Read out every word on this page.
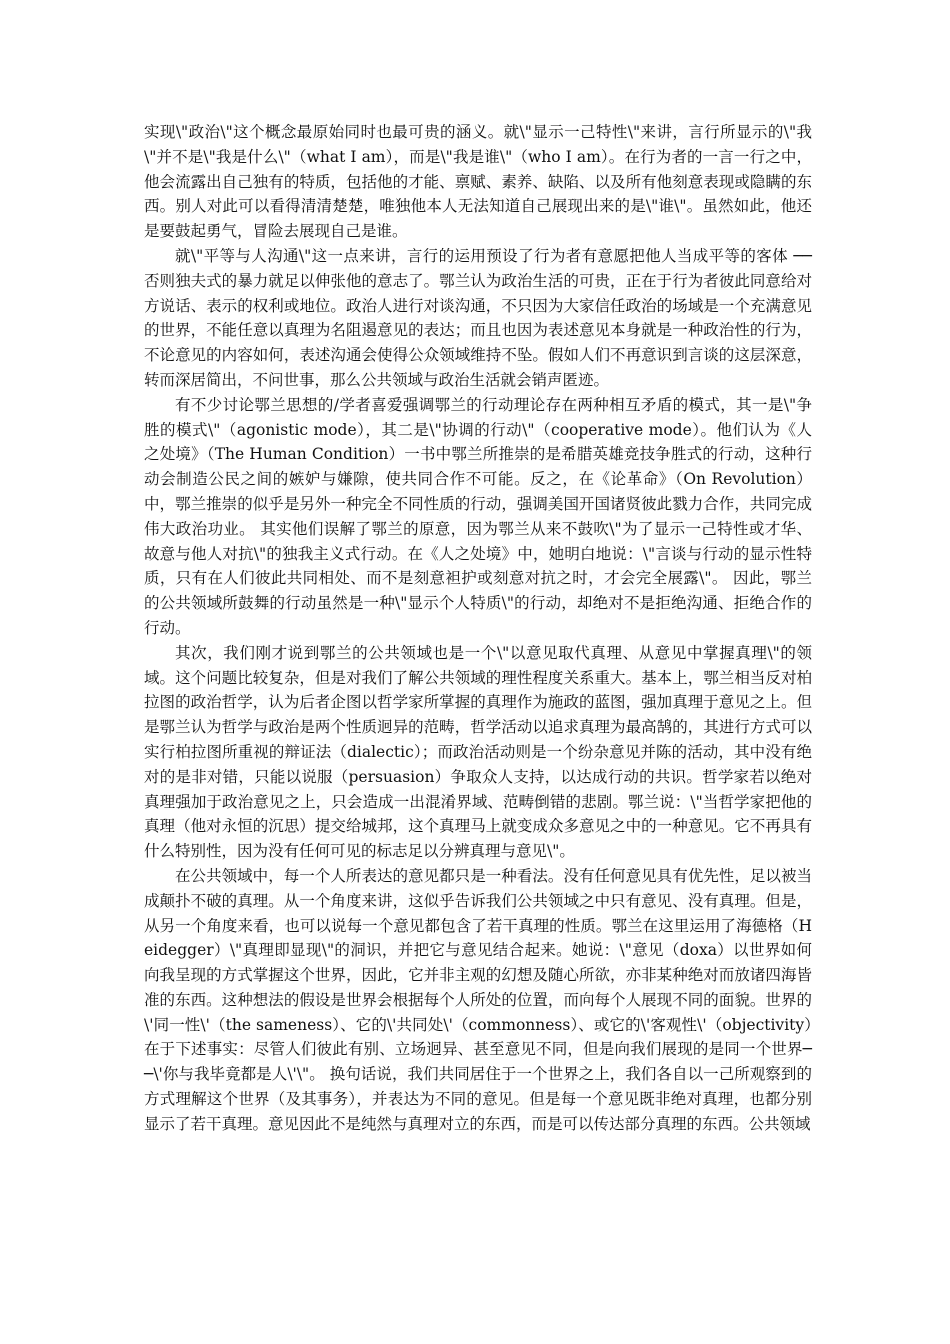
实现\"政治\"这个概念最原始同时也最可贵的涵义。就\"显示一己特性\"来讲，言行所显示的\"我\"并不是\"我是什么\"（what I am），而是\"我是谁\"（who I am）。在行为者的一言一行之中，他会流露出自己独有的特质，包括他的才能、禀赋、素养、缺陷、以及所有他刻意表现或隐瞒的东西。别人对此可以看得清清楚楚，唯独他本人无法知道自己展现出来的是\"谁\"。虽然如此，他还是要鼓起勇气，冒险去展现自己是谁。

就\"平等与人沟通\"这一点来讲，言行的运用预设了行为者有意愿把他人当成平等的客体 ── 否则独夫式的暴力就足以伸张他的意志了。鄂兰认为政治生活的可贵，正在于行为者彼此同意给对方说话、表示的权利或地位。政治人进行对谈沟通，不只因为大家信任政治的场域是一个充满意见的世界，不能任意以真理为名阻遏意见的表达；而且也因为表述意见本身就是一种政治性的行为，不论意见的内容如何，表述沟通会使得公众领域维持不坠。假如人们不再意识到言谈的这层深意，转而深居简出，不问世事，那么公共领域与政治生活就会销声匿迹。

有不少讨论鄂兰思想的/学者喜爱强调鄂兰的行动理论存在两种相互矛盾的模式，其一是\"争胜的模式\"（agonistic mode），其二是\"协调的行动\"（cooperative mode）。他们认为《人之处境》（The Human Condition）一书中鄂兰所推崇的是希腊英雄竞技争胜式的行动，这种行动会制造公民之间的嫉妒与嫌隙，使共同合作不可能。反之，在《论革命》（On Revolution）中，鄂兰推崇的似乎是另外一种完全不同性质的行动，强调美国开国诸贤彼此戮力合作，共同完成伟大政治功业。 其实他们误解了鄂兰的原意，因为鄂兰从来不鼓吹\"为了显示一己特性或才华、故意与他人对抗\"的独我主义式行动。在《人之处境》中，她明白地说：\"言谈与行动的显示性特质，只有在人们彼此共同相处、而不是刻意袒护或刻意对抗之时，才会完全展露\"。 因此，鄂兰的公共领域所鼓舞的行动虽然是一种\"显示个人特质\"的行动，却绝对不是拒绝沟通、拒绝合作的行动。

其次，我们刚才说到鄂兰的公共领域也是一个\"以意见取代真理、从意见中掌握真理\"的领域。这个问题比较复杂，但是对我们了解公共领域的理性程度关系重大。基本上，鄂兰相当反对柏拉图的政治哲学，认为后者企图以哲学家所掌握的真理作为施政的蓝图，强加真理于意见之上。但是鄂兰认为哲学与政治是两个性质迥异的范畴，哲学活动以追求真理为最高鹄的，其进行方式可以实行柏拉图所重视的辩证法（dialectic）；而政治活动则是一个纷杂意见并陈的活动，其中没有绝对的是非对错，只能以说服（persuasion）争取众人支持，以达成行动的共识。哲学家若以绝对真理强加于政治意见之上，只会造成一出混淆界域、范畴倒错的悲剧。鄂兰说：\"当哲学家把他的真理（他对永恒的沉思）提交给城邦，这个真理马上就变成众多意见之中的一种意见。它不再具有什么特别性，因为没有任何可见的标志足以分辨真理与意见\"。

在公共领域中，每一个人所表达的意见都只是一种看法。没有任何意见具有优先性，足以被当成颠扑不破的真理。从一个角度来讲，这似乎告诉我们公共领域之中只有意见、没有真理。但是，从另一个角度来看，也可以说每一个意见都包含了若干真理的性质。鄂兰在这里运用了海德格（Heidegger）\"真理即显现\"的洞识，并把它与意见结合起来。她说：\"意见（doxa）以世界如何向我呈现的方式掌握这个世界，因此，它并非主观的幻想及随心所欲，亦非某种绝对而放诸四海皆准的东西。这种想法的假设是世界会根据每个人所处的位置，而向每个人展现不同的面貌。世界的\'同一性\'（the sameness）、它的\'共同处\'（commonness）、或它的\'客观性\'（objectivity）在于下述事实：尽管人们彼此有别、立场迥异、甚至意见不同，但是向我们展现的是同一个世界──\'你与我毕竟都是人\'\"。 换句话说，我们共同居住于一个世界之上，我们各自以一己所观察到的方式理解这个世界（及其事务），并表达为不同的意见。但是每一个意见既非绝对真理，也都分别显示了若干真理。意见因此不是纯然与真理对立的东西，而是可以传达部分真理的东西。公共领域
